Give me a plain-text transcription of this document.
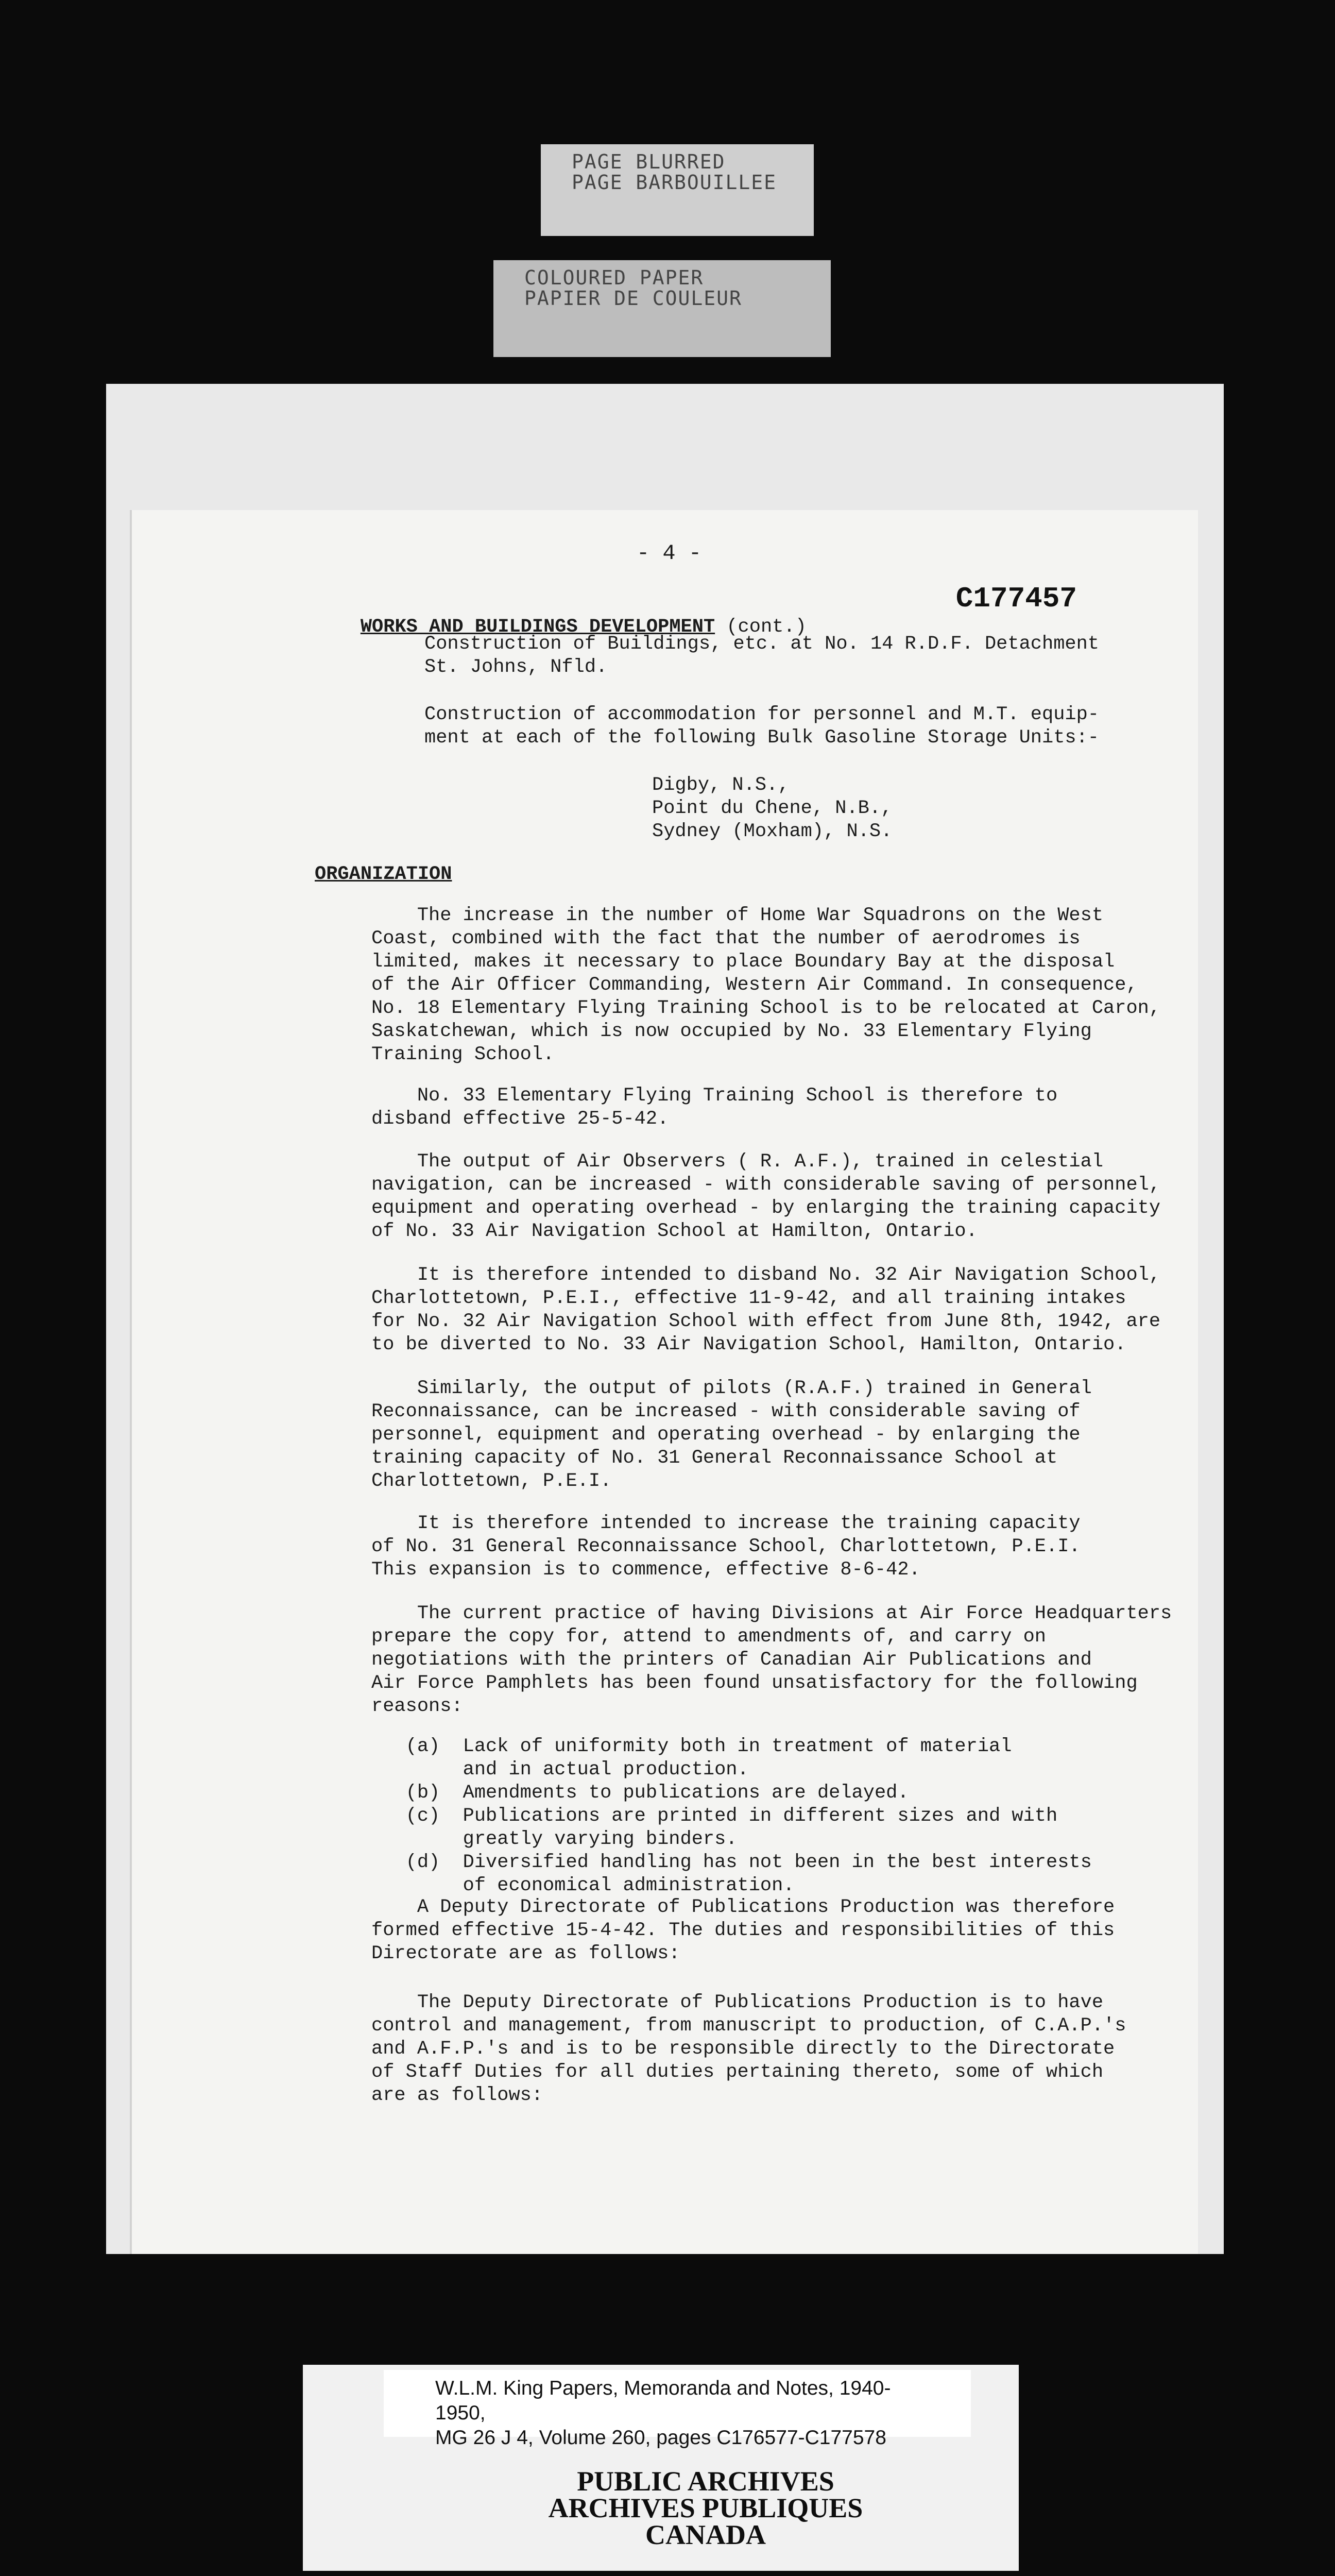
PAGE BLURRED
PAGE BARBOUILLEE
COLOURED PAPER
PAPIER DE COULEUR
- 4 -
C177457

WORKS AND BUILDINGS DEVELOPMENT (cont.)

Construction of Buildings, etc. at No. 14 R.D.F. Detachment
St. Johns, Nfld.
Construction of accommodation for personnel and M.T. equip-
ment at each of the following Bulk Gasoline Storage Units:-
Digby, N.S.,
Point du Chene, N.B.,
Sydney (Moxham), N.S.
ORGANIZATION
The increase in the number of Home War Squadrons on the West
Coast, combined with the fact that the number of aerodromes is
limited, makes it necessary to place Boundary Bay at the disposal
of the Air Officer Commanding, Western Air Command. In consequence,
No. 18 Elementary Flying Training School is to be relocated at Caron,
Saskatchewan, which is now occupied by No. 33 Elementary Flying
Training School.
No. 33 Elementary Flying Training School is therefore to
disband effective 25-5-42.
The output of Air Observers ( R. A.F.), trained in celestial
navigation, can be increased - with considerable saving of personnel,
equipment and operating overhead - by enlarging the training capacity
of No. 33 Air Navigation School at Hamilton, Ontario.
It is therefore intended to disband No. 32 Air Navigation School,
Charlottetown, P.E.I., effective 11-9-42, and all training intakes
for No. 32 Air Navigation School with effect from June 8th, 1942, are
to be diverted to No. 33 Air Navigation School, Hamilton, Ontario.
Similarly, the output of pilots (R.A.F.) trained in General
Reconnaissance, can be increased - with considerable saving of
personnel, equipment and operating overhead - by enlarging the
training capacity of No. 31 General Reconnaissance School at
Charlottetown, P.E.I.
It is therefore intended to increase the training capacity
of No. 31 General Reconnaissance School, Charlottetown, P.E.I.
This expansion is to commence, effective 8-6-42.
The current practice of having Divisions at Air Force Headquarters
prepare the copy for, attend to amendments of, and carry on
negotiations with the printers of Canadian Air Publications and
Air Force Pamphlets has been found unsatisfactory for the following
reasons:
(a)  Lack of uniformity both in treatment of material
and in actual production.
(b)  Amendments to publications are delayed.
(c)  Publications are printed in different sizes and with
greatly varying binders.
(d)  Diversified handling has not been in the best interests
of economical administration.
A Deputy Directorate of Publications Production was therefore
formed effective 15-4-42. The duties and responsibilities of this
Directorate are as follows:
The Deputy Directorate of Publications Production is to have
control and management, from manuscript to production, of C.A.P.'s
and A.F.P.'s and is to be responsible directly to the Directorate
of Staff Duties for all duties pertaining thereto, some of which
are as follows:
W.L.M. King Papers, Memoranda and Notes, 1940-1950,
MG 26 J 4, Volume 260, pages C176577-C177578
PUBLIC ARCHIVES
ARCHIVES PUBLIQUES
CANADA
